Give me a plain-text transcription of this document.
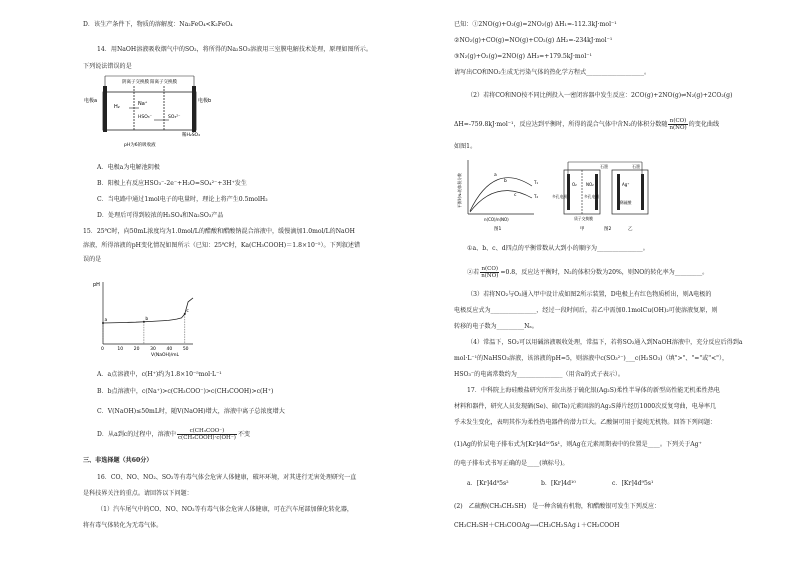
D．该生产条件下，物质的溶解度：Na₂FeO₄<K₂FeO₄
14．用NaOH溶液吸收烟气中的SO₂，将所得的Na₂SO₃溶液用三室膜电解技术处理，原理如图所示。
下列说法错误的是
电极a	电极b
阴离子交换膜 阳离子交换膜
H₂	Na⁺
HSO₃⁻	SO₃²⁻
稀H₂SO₄
pH为6的吸收液
A．电极a为电解池阴极
B．阳极上有反应HSO₃⁻-2e⁻+H₂O=SO₄²⁻+3H⁺发生
C．当电路中通过1mol电子的电量时，理论上将产生0.5molH₂
D．处理后可得到较浓的H₂SO₄和Na₂SO₃产品
15．25℃时，向50mL浓度均为1.0mol/L的醋酸和醋酸钠混合溶液中，缓慢滴加1.0mol/L的NaOH
溶液，所得溶液的pH变化情况如图所示（已知：25℃时，Ka(CH₃COOH)＝1.8×10⁻⁵）。下列叙述错
误的是
pH
0	10 20 30 40 50
a	b
c
V(NaOH)/mL
A．a点溶液中，c(H⁺)约为1.8×10⁻⁵mol·L⁻¹
B．b点溶液中，c(Na⁺)>c(CH₃COO⁻)>c(CH₃COOH)>c(H⁺)
C．V(NaOH)≤50mL时，随V(NaOH)增大，溶液中离子总浓度增大
D．从a到c的过程中，溶液中 $\frac{\text{c(CH₃COO⁻)}}{\text{c(CH₃COOH)·c(OH⁻)}}$ 不变
三、非选择题（共60分）
16．CO、NO、NO₂、SO₂等有毒气体会危害人体健康，破坏环境，对其进行无害处理研究一直
是科技界关注的重点。请回答以下问题：
（1）汽车尾气中的CO、NO、NO₂等有毒气体会危害人体健康，可在汽车尾部加催化转化器，
将有毒气体转化为无毒气体。
已知：①2NO(g)+O₂(g)=2NO₂(g) ΔH₁=-112.3kJ·mol⁻¹
②NO₂(g)+CO(g)=NO(g)+CO₂(g) ΔH₂=-234kJ·mol⁻¹
③N₂(g)+O₂(g)=2NO(g) ΔH₃=+179.5kJ·mol⁻¹
请写出CO和NO₂生成无污染气体的热化学方程式___________________。
（2）若将CO和NO按不同比例投入一密闭容器中发生反应：2CO(g)+2NO(g)⇌N₂(g)+2CO₂(g)
ΔH=-759.8kJ·mol⁻¹，反应达到平衡时，所得的混合气体中含N₂的体积分数随 $\frac{n(CO)}{n(NO)}$ 的变化曲线
如图1。
a
b
c
T₁
T₂
n(CO)/n(NO)
图1
平衡时N₂的体积分数
石墨	石墨
多孔电极	多孔电极
质子交换膜
稀硫酸
甲	乙
Ag⁺
O₂ NO₂
图2
①a、b、c、d四点的平衡常数从大到小的顺序为_______________。
②若 $\frac{n(CO)}{n(NO)} =0.8$，反应达平衡时，N₂的体积分数为20%，则NO的转化率为_________。
（3）若将NO₂与O₂通入甲中设计成如图2所示装置，D电极上有红色物质析出，则A电极的
电极反应式为_______________，经过一段时间后，若乙中需加0.1molCu(OH)₂可使溶液复原，则
转移的电子数为_________Nₐ。
（4）常温下，SO₂可以用碱溶液吸收处理，常温下，若将SO₂通入到NaOH溶液中，充分反应后得到a
mol·L⁻¹的NaHSO₃溶液，该溶液的pH=5，则溶液中c(SO₃²⁻)___c(H₂SO₃)（填">"、"="或"<"），
HSO₃⁻的电离常数约为_______________（用含a的式子表示）。
17．中科院上海硅酸盐研究所开发出基于硫化银(Ag₂S)柔性半导体的新型高性能无机柔性热电
材料和器件，研究人员发现硒(Se)、碲(Te)元素固溶的Ag₂S薄片经历1000次反复弯曲，电导率几
乎未发生变化，表明其作为柔性热电器件的潜力巨大。乙酸铜可用于提纯无机物。回答下列问题：
(1)Ag的价层电子排布式为[Kr]4d¹⁰5s¹，则Ag在元素周期表中的位置是____。下列关于Ag⁺
的电子排布式书写正确的是____(填标号)。
a．[Kr]4d⁹5s²	b．[Kr]4d¹⁰	c．[Kr]4d⁹5s¹
(2)　乙硫醇(CH₃CH₂SH)　是一种含硫有机物，和醋酸银可发生下列反应：
CH₃CH₂SH＋CH₃COOAg⟶CH₃CH₂SAg↓＋CH₃COOH
